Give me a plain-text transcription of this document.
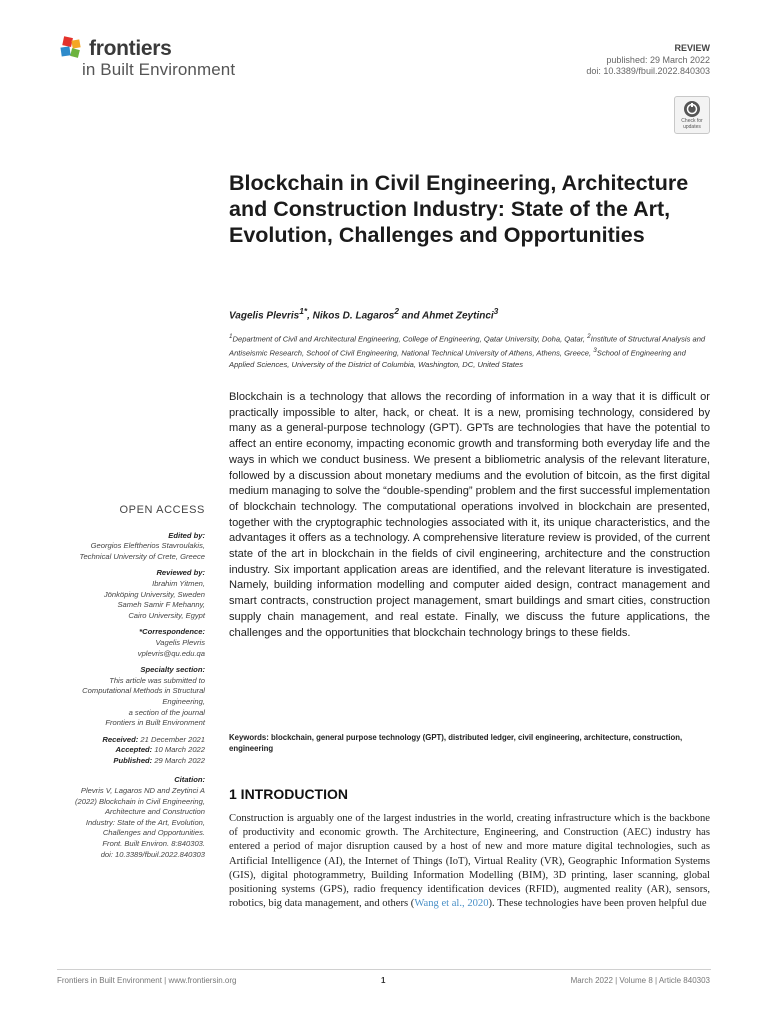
frontiers
in Built Environment
REVIEW
published: 29 March 2022
doi: 10.3389/fbuil.2022.840303
Check for
updates
Blockchain in Civil Engineering, Architecture and Construction Industry: State of the Art, Evolution, Challenges and Opportunities
Vagelis Plevris$^{1*}$, Nikos D. Lagaros$^2$ and Ahmet Zeytinci$^3$
$^1$Department of Civil and Architectural Engineering, College of Engineering, Qatar University, Doha, Qatar, $^2$Institute of Structural Analysis and Antiseismic Research, School of Civil Engineering, National Technical University of Athens, Athens, Greece, $^3$School of Engineering and Applied Sciences, University of the District of Columbia, Washington, DC, United States

Blockchain is a technology that allows the recording of information in a way that it is difficult or practically impossible to alter, hack, or cheat. It is a new, promising technology, considered by many as a general-purpose technology (GPT). GPTs are technologies that have the potential to affect an entire economy, impacting economic growth and transforming both everyday life and the ways in which we conduct business. We present a bibliometric analysis of the relevant literature, followed by a discussion about monetary mediums and the evolution of bitcoin, as the first digital medium managing to solve the “double-spending” problem and the first successful implementation of blockchain technology. The computational operations involved in blockchain are presented, together with the cryptographic technologies associated with it, its unique characteristics, and the advantages it offers as a technology. A comprehensive literature review is provided, of the current state of the art in blockchain in the fields of civil engineering, architecture and the construction industry. Six important application areas are identified, and the relevant literature is investigated. Namely, building information modelling and computer aided design, contract management and smart contracts, construction project management, smart buildings and smart cities, construction supply chain management, and real estate. Finally, we discuss the future applications, the challenges and the opportunities that blockchain technology brings to these fields.

Keywords: blockchain, general purpose technology (GPT), distributed ledger, civil engineering, architecture, construction, engineering
1 INTRODUCTION

Construction is arguably one of the largest industries in the world, creating infrastructure which is the backbone of productivity and economic growth. The Architecture, Engineering, and Construction (AEC) industry has entered a period of major disruption caused by a host of new and more mature digital technologies, such as Artificial Intelligence (AI), the Internet of Things (IoT), Virtual Reality (VR), Geographic Information Systems (GIS), digital photogrammetry, Building Information Modelling (BIM), 3D printing, laser scanning, global positioning systems (GPS), radio frequency identification devices (RFID), augmented reality (AR), sensors, robotics, big data management, and others (Wang et al., 2020). These technologies have been proven helpful due

OPEN ACCESS
Edited by:
Georgios Eleftherios Stavroulakis,
Technical University of Crete, Greece
Reviewed by:
Ibrahim Yitmen,
Jönköping University, Sweden
Sameh Samir F Mehanny,
Cairo University, Egypt
*Correspondence:
Vagelis Plevris
vplevris@qu.edu.qa
Specialty section:
This article was submitted to
Computational Methods in Structural
Engineering,
a section of the journal
Frontiers in Built Environment
Received: 21 December 2021
Accepted: 10 March 2022
Published: 29 March 2022
Citation:
Plevris V, Lagaros ND and Zeytinci A
(2022) Blockchain in Civil Engineering,
Architecture and Construction
Industry: State of the Art, Evolution,
Challenges and Opportunities.
Front. Built Environ. 8:840303.
doi: 10.3389/fbuil.2022.840303
Frontiers in Built Environment | www.frontiersin.org	1	March 2022 | Volume 8 | Article 840303
